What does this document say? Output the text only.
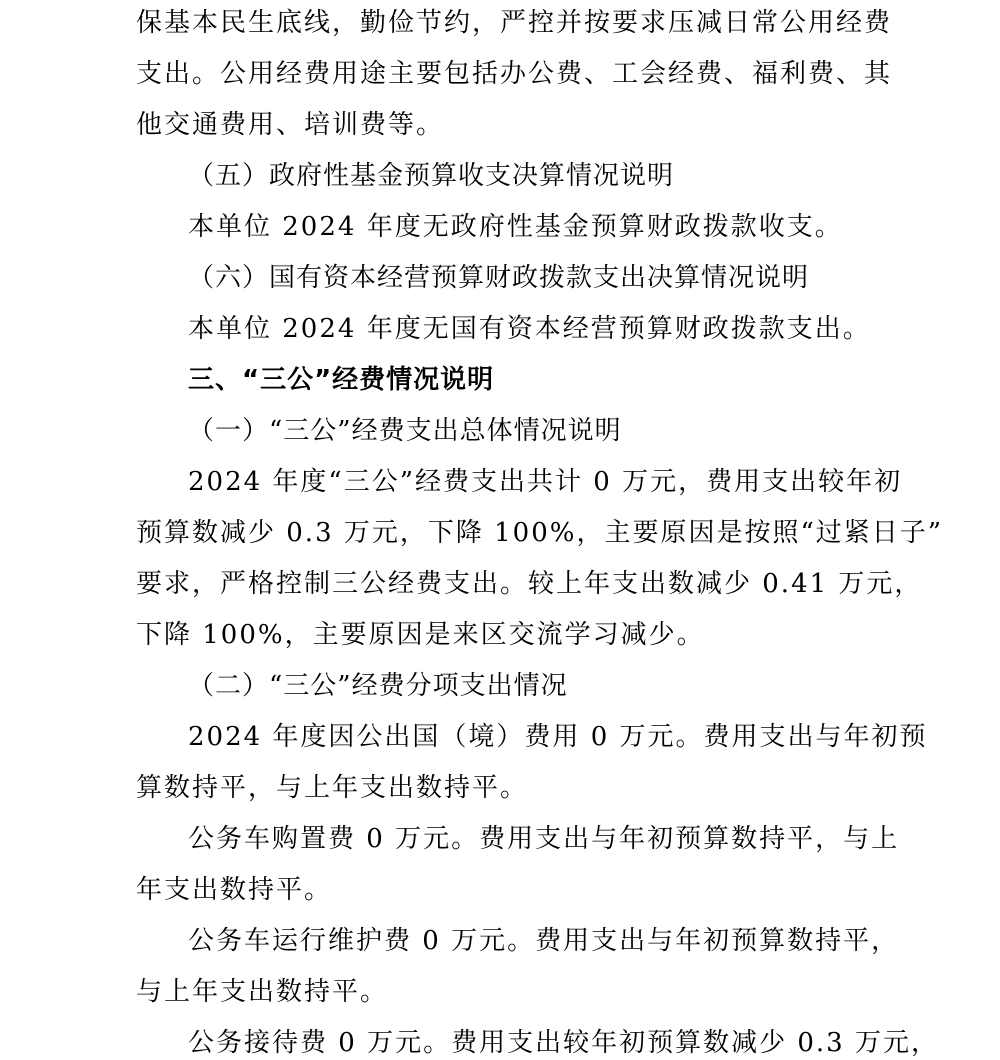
保基本民生底线，勤俭节约，严控并按要求压减日常公用经费
支出。公用经费用途主要包括办公费、工会经费、福利费、其
他交通费用、培训费等。
（五）政府性基金预算收支决算情况说明
本单位 2024 年度无政府性基金预算财政拨款收支。
（六）国有资本经营预算财政拨款支出决算情况说明
本单位 2024 年度无国有资本经营预算财政拨款支出。
三、“三公”经费情况说明
（一）“三公”经费支出总体情况说明
2024 年度“三公”经费支出共计 0 万元，费用支出较年初
预算数减少 0.3 万元，下降 100%，主要原因是按照“过紧日子”
要求，严格控制三公经费支出。较上年支出数减少 0.41 万元，
下降 100%，主要原因是来区交流学习减少。
（二）“三公”经费分项支出情况
2024 年度因公出国（境）费用 0 万元。费用支出与年初预
算数持平，与上年支出数持平。
公务车购置费 0 万元。费用支出与年初预算数持平，与上
年支出数持平。
公务车运行维护费 0 万元。费用支出与年初预算数持平，
与上年支出数持平。
公务接待费 0 万元。费用支出较年初预算数减少 0.3 万元，
